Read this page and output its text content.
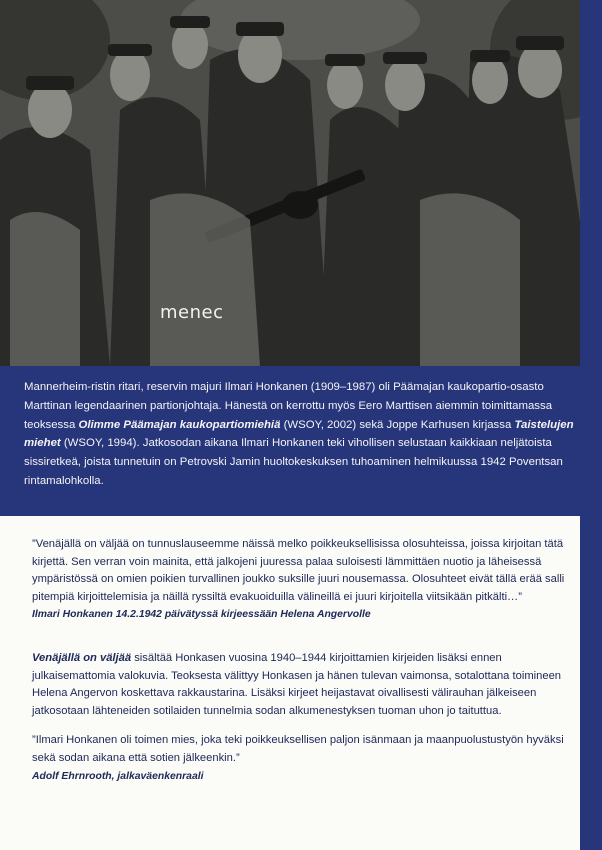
menec

Mannerheim-ristin ritari, reservin majuri Ilmari Honkanen (1909–1987) oli Päämajan kaukopartio-osasto Marttinan legendaarinen partionjohtaja. Hänestä on kerrottu myös Eero Marttisen aiemmin toimittamassa teoksessa Olimme Päämajan kaukopartiomiehiä (WSOY, 2002) sekä Joppe Karhusen kirjassa Taistelujen miehet (WSOY, 1994). Jatkosodan aikana Ilmari Honkanen teki vihollisen selustaan kaikkiaan neljätoista sissiretkeä, joista tunnetuin on Petrovski Jamin huoltokeskuksen tuhoaminen helmikuussa 1942 Poventsan rintamalohkolla.

”Venäjällä on väljää on tunnuslauseemme näissä melko poikkeuksellisissa olosuhteissa, joissa kirjoitan tätä kirjettä. Sen verran voin mainita, että jalkojeni juuressa palaa suloisesti lämmittäen nuotio ja läheisessä ympäristössä on omien poikien turvallinen joukko suksille juuri nousemassa. Olosuhteet eivät tällä erää salli pitempiä kirjoittelemisia ja näillä ryssiltä evakuoiduilla välineillä ei juuri kirjoitella viitsikään pitkälti…”

Ilmari Honkanen 14.2.1942 päivätyssä kirjeessään Helena Angervolle

Venäjällä on väljää sisältää Honkasen vuosina 1940–1944 kirjoittamien kirjeiden lisäksi ennen julkaisemattomia valokuvia. Teoksesta välittyy Honkasen ja hänen tulevan vaimonsa, sotalottana toimineen Helena Angervon koskettava rakkaustarina. Lisäksi kirjeet heijastavat oivallisesti välirauhan jälkeiseen jatkosotaan lähteneiden sotilaiden tunnelmia sodan alkumenestyksen tuoman uhon jo taituttua.

”Ilmari Honkanen oli toimen mies, joka teki poikkeuksellisen paljon isänmaan ja maanpuolustustyön hyväksi sekä sodan aikana että sotien jälkeenkin.”

Adolf Ehrnrooth, jalkaväenkenraali
